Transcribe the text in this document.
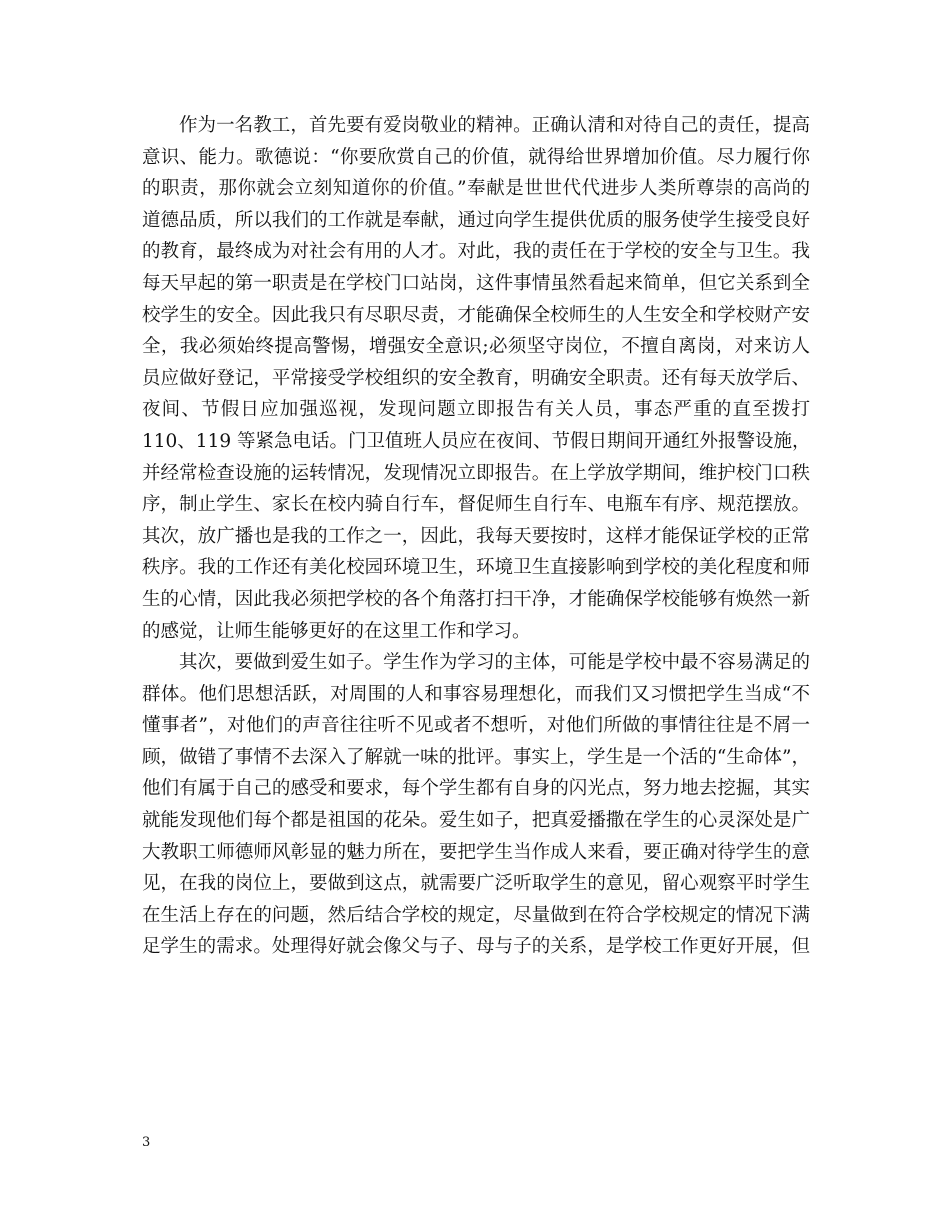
作为一名教工，首先要有爱岗敬业的精神。正确认清和对待自己的责任，提高
意识、能力。歌德说：“你要欣赏自己的价值，就得给世界增加价值。尽力履行你
的职责，那你就会立刻知道你的价值。”奉献是世世代代进步人类所尊崇的高尚的
道德品质，所以我们的工作就是奉献，通过向学生提供优质的服务使学生接受良好
的教育，最终成为对社会有用的人才。对此，我的责任在于学校的安全与卫生。我
每天早起的第一职责是在学校门口站岗，这件事情虽然看起来简单，但它关系到全
校学生的安全。因此我只有尽职尽责，才能确保全校师生的人生安全和学校财产安
全，我必须始终提高警惕，增强安全意识;必须坚守岗位，不擅自离岗，对来访人
员应做好登记，平常接受学校组织的安全教育，明确安全职责。还有每天放学后、
夜间、节假日应加强巡视，发现问题立即报告有关人员，事态严重的直至拨打
110、119 等紧急电话。门卫值班人员应在夜间、节假日期间开通红外报警设施，
并经常检查设施的运转情况，发现情况立即报告。在上学放学期间，维护校门口秩
序，制止学生、家长在校内骑自行车，督促师生自行车、电瓶车有序、规范摆放。
其次，放广播也是我的工作之一，因此，我每天要按时，这样才能保证学校的正常
秩序。我的工作还有美化校园环境卫生，环境卫生直接影响到学校的美化程度和师
生的心情，因此我必须把学校的各个角落打扫干净，才能确保学校能够有焕然一新
的感觉，让师生能够更好的在这里工作和学习。
其次，要做到爱生如子。学生作为学习的主体，可能是学校中最不容易满足的
群体。他们思想活跃，对周围的人和事容易理想化，而我们又习惯把学生当成“不
懂事者”，对他们的声音往往听不见或者不想听，对他们所做的事情往往是不屑一
顾，做错了事情不去深入了解就一味的批评。事实上，学生是一个活的“生命体”，
他们有属于自己的感受和要求，每个学生都有自身的闪光点，努力地去挖掘，其实
就能发现他们每个都是祖国的花朵。爱生如子，把真爱播撒在学生的心灵深处是广
大教职工师德师风彰显的魅力所在，要把学生当作成人来看，要正确对待学生的意
见，在我的岗位上，要做到这点，就需要广泛听取学生的意见，留心观察平时学生
在生活上存在的问题，然后结合学校的规定，尽量做到在符合学校规定的情况下满
足学生的需求。处理得好就会像父与子、母与子的关系，是学校工作更好开展，但
3
